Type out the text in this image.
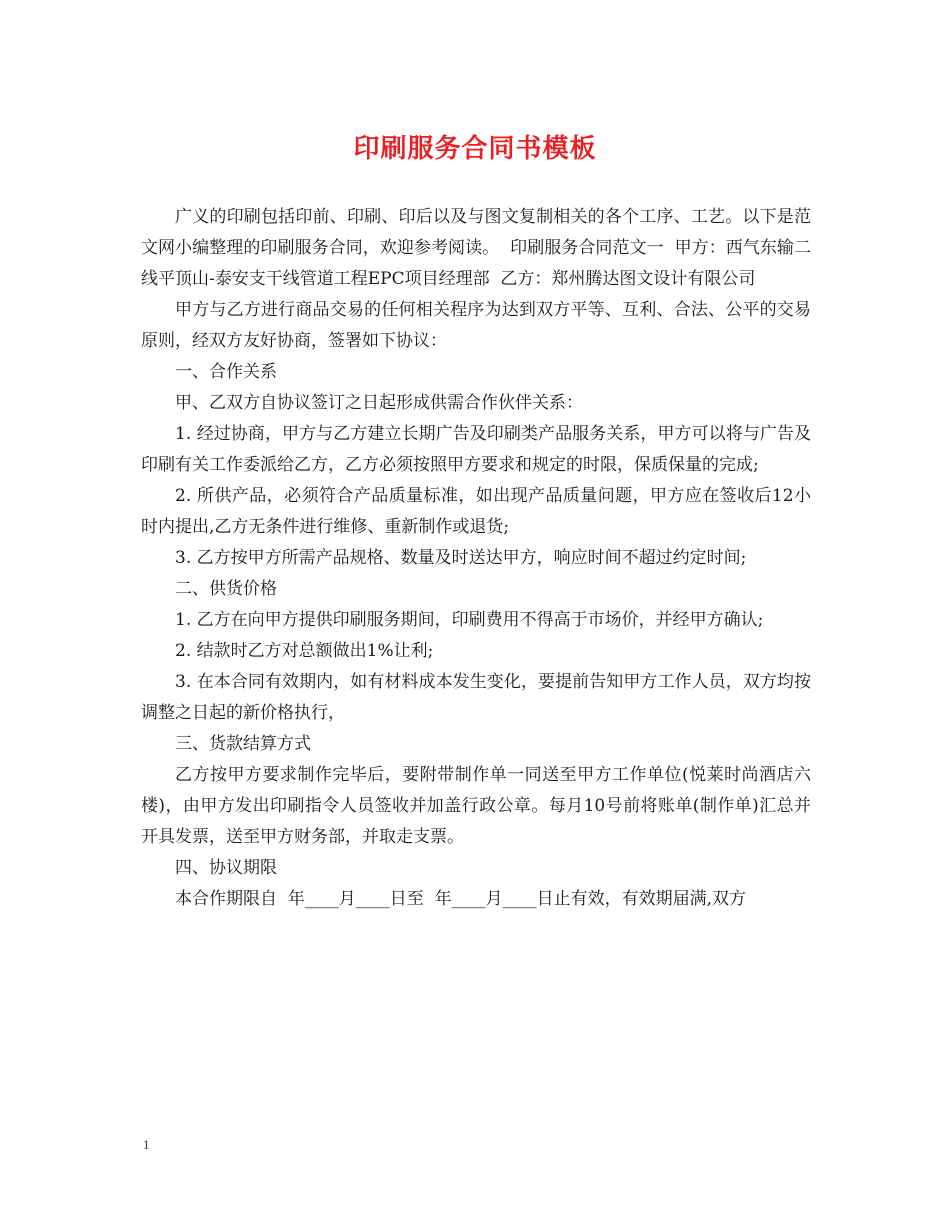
印刷服务合同书模板

广义的印刷包括印前、印刷、印后以及与图文复制相关的各个工序、工艺。以下是范文网小编整理的印刷服务合同，欢迎参考阅读。  印刷服务合同范文一  甲方：西气东输二线平顶山-泰安支干线管道工程EPC项目经理部  乙方：郑州腾达图文设计有限公司

甲方与乙方进行商品交易的任何相关程序为达到双方平等、互利、合法、公平的交易原则，经双方友好协商，签署如下协议：

一、合作关系

甲、乙双方自协议签订之日起形成供需合作伙伴关系：

1. 经过协商，甲方与乙方建立长期广告及印刷类产品服务关系，甲方可以将与广告及印刷有关工作委派给乙方，乙方必须按照甲方要求和规定的时限，保质保量的完成;

2. 所供产品，必须符合产品质量标准，如出现产品质量问题，甲方应在签收后12小时内提出,乙方无条件进行维修、重新制作或退货;

3. 乙方按甲方所需产品规格、数量及时送达甲方，响应时间不超过约定时间;

二、供货价格

1. 乙方在向甲方提供印刷服务期间，印刷费用不得高于市场价，并经甲方确认;

2. 结款时乙方对总额做出1%让利;

3. 在本合同有效期内，如有材料成本发生变化，要提前告知甲方工作人员，双方均按调整之日起的新价格执行，

三、货款结算方式

乙方按甲方要求制作完毕后，要附带制作单一同送至甲方工作单位(悦莱时尚酒店六楼)，由甲方发出印刷指令人员签收并加盖行政公章。每月10号前将账单(制作单)汇总并开具发票，送至甲方财务部，并取走支票。

四、协议期限

本合作期限自  年____月____日至  年____月____日止有效，有效期届满,双方

1
